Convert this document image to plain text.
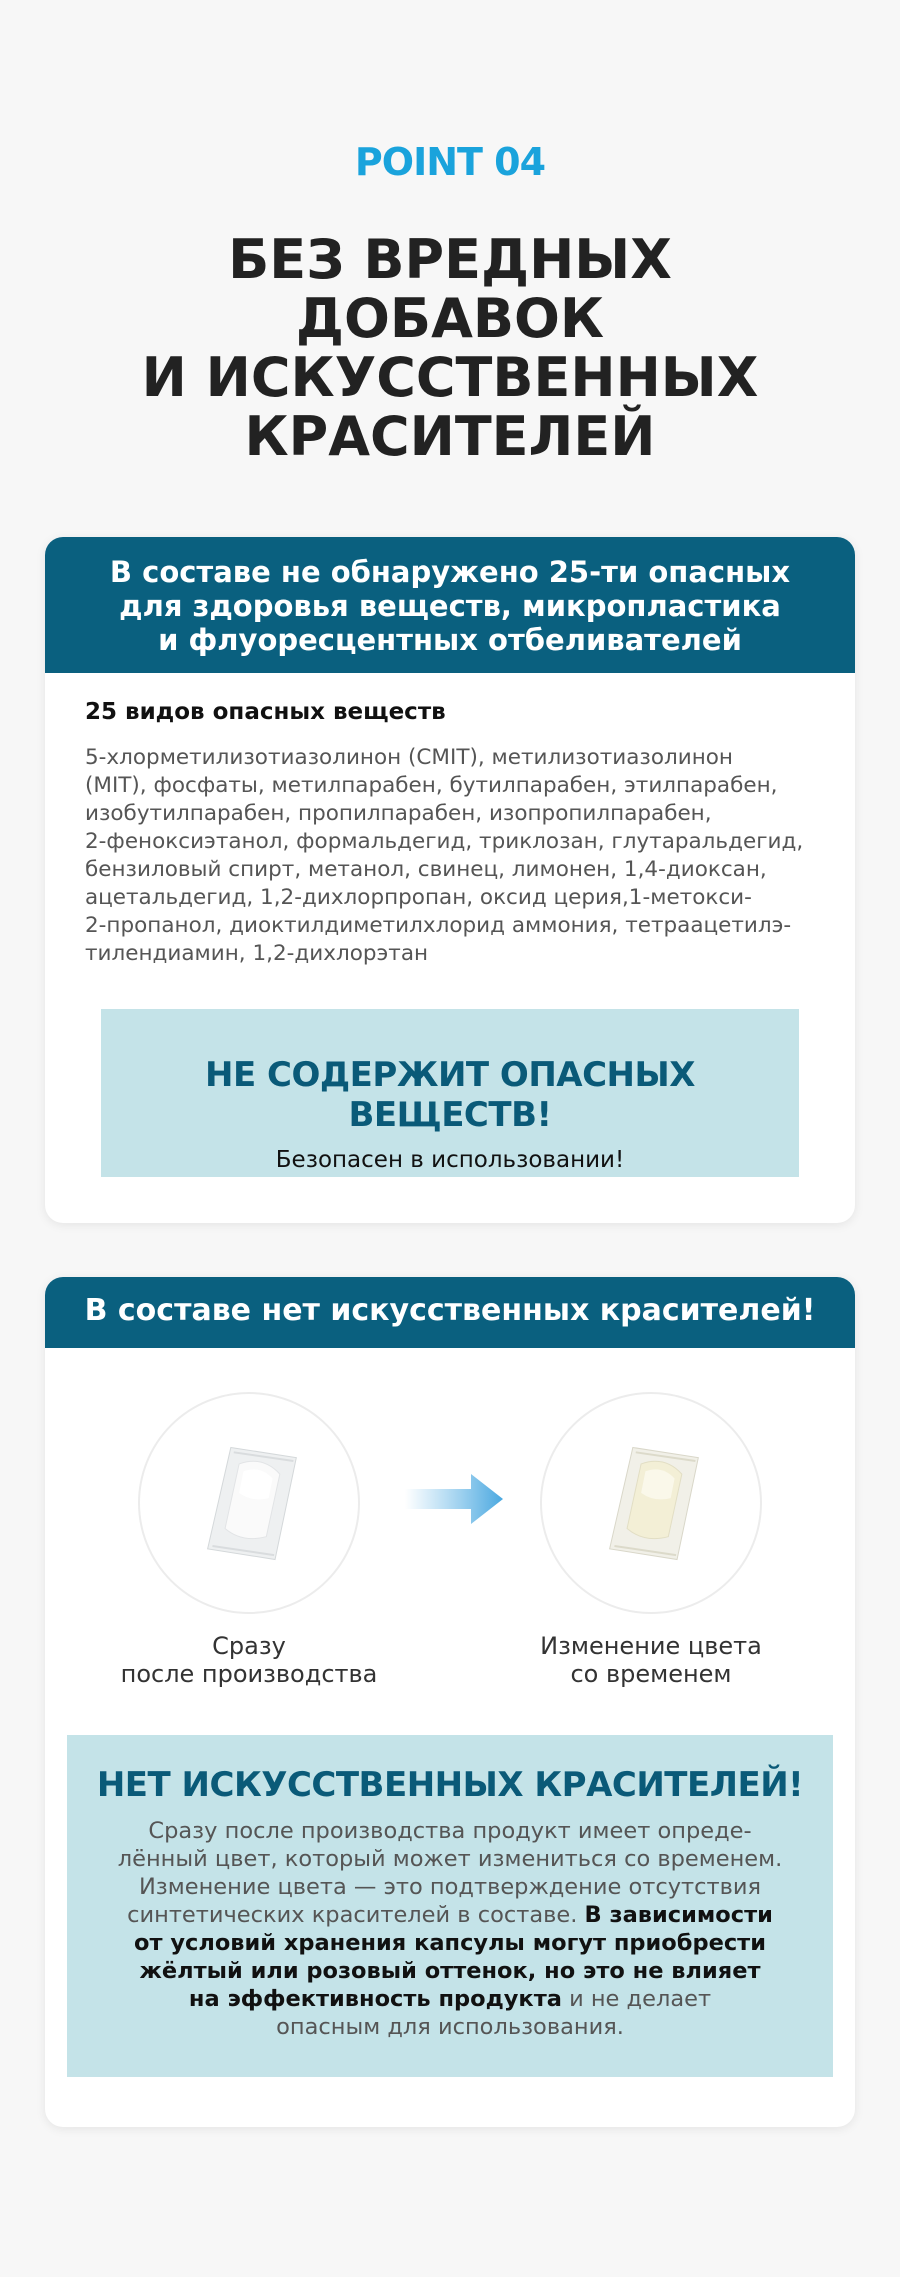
POINT 04
БЕЗ ВРЕДНЫХ
ДОБАВОК
И ИСКУССТВЕННЫХ
КРАСИТЕЛЕЙ
В составе не обнаружено 25-ти опасных
для здоровья веществ, микропластика
и флуоресцентных отбеливателей
25 видов опасных веществ
5-хлорметилизотиазолинон (CMIT), метилизотиазолинон
(MIT), фосфаты, метилпарабен, бутилпарабен, этилпарабен,
изобутилпарабен, пропилпарабен, изопропилпарабен,
2-феноксиэтанол, формальдегид, триклозан, глутаральдегид,
бензиловый спирт, метанол, свинец, лимонен, 1,4-диоксан,
ацетальдегид, 1,2-дихлорпропан, оксид церия,1-метокси-
2-пропанол, диоктилдиметилхлорид аммония, тетраацетилэ-
тилендиамин, 1,2-дихлорэтан
НЕ СОДЕРЖИТ ОПАСНЫХ ВЕЩЕСТВ!
Безопасен в использовании!
В составе нет искусственных красителей!
Сразу
после производства
Изменение цвета
со временем
НЕТ ИСКУССТВЕННЫХ КРАСИТЕЛЕЙ!
Сразу после производства продукт имеет опреде-
лённый цвет, который может измениться со временем.
Изменение цвета — это подтверждение отсутствия
синтетических красителей в составе. В зависимости
от условий хранения капсулы могут приобрести
жёлтый или розовый оттенок, но это не влияет
на эффективность продукта и не делает
опасным для использования.
